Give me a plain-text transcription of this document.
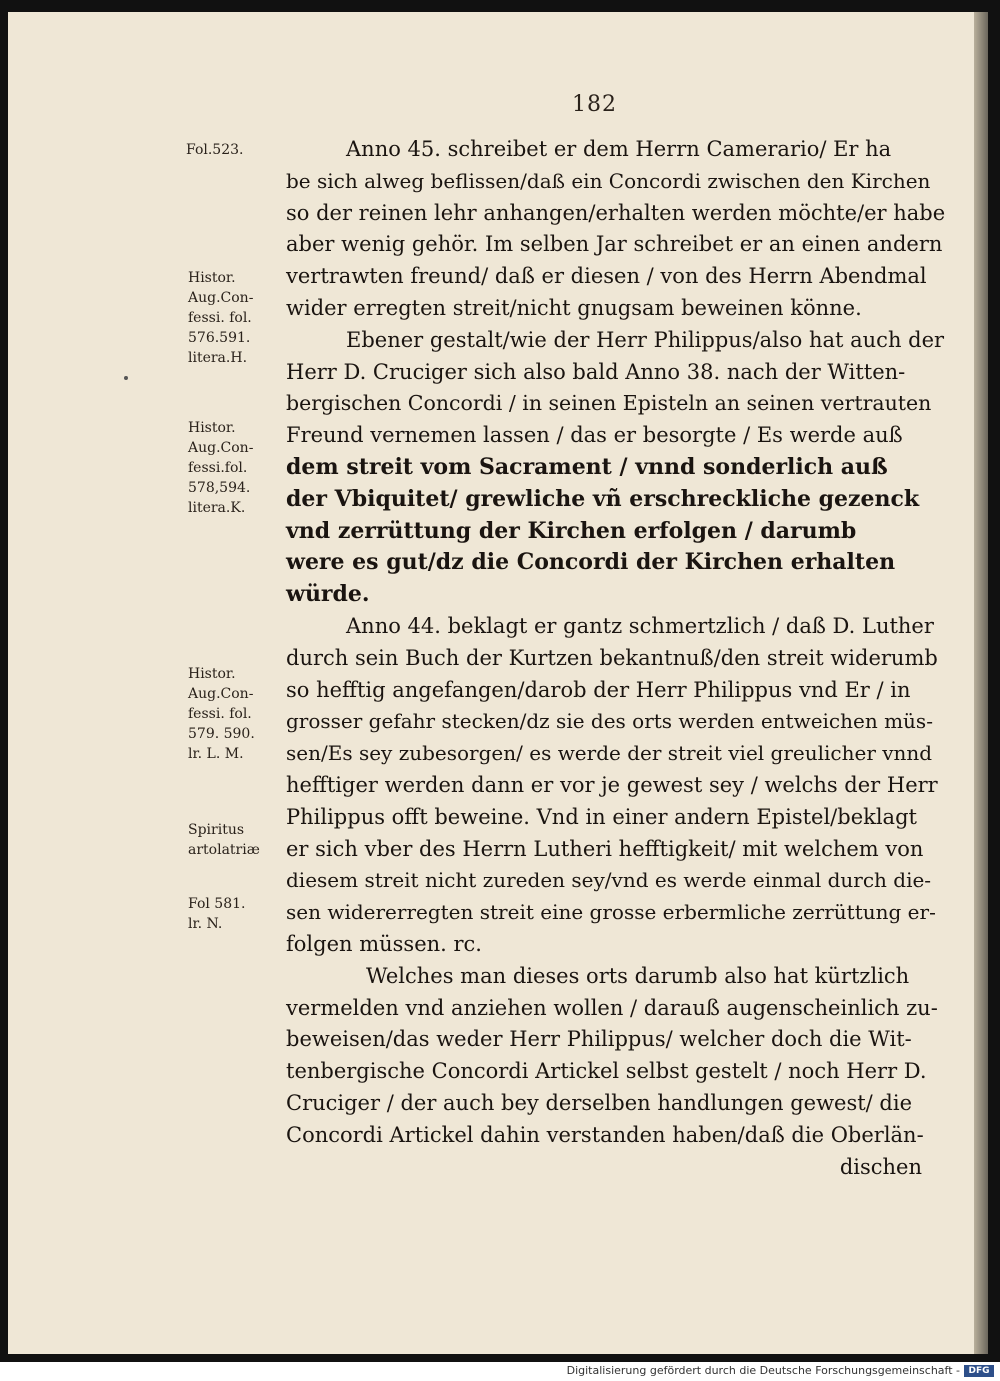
182
Fol.523.
Histor.
Aug.Con-
fessi. fol.
576.591.
litera.H.
Histor.
Aug.Con-
fessi.fol.
578,594.
litera.K.
Histor.
Aug.Con-
fessi. fol.
579. 590.
lr. L. M.
Spiritus
artolatriæ
Fol 581.
lr. N.
Anno 45. schreibet er dem Herrn Camerario/ Er ha
be sich alweg beflissen/daß ein Concordi zwischen den Kirchen
so der reinen lehr anhangen/erhalten werden möchte/er habe
aber wenig gehör. Im selben Jar schreibet er an einen andern
vertrawten freund/ daß er diesen / von des Herrn Abendmal
wider erregten streit/nicht gnugsam beweinen könne.
Ebener gestalt/wie der Herr Philippus/also hat auch der
Herr D. Cruciger sich also bald Anno 38. nach der Witten-
bergischen Concordi / in seinen Episteln an seinen vertrauten
Freund vernemen lassen / das er besorgte / Es werde auß
dem streit vom Sacrament / vnnd sonderlich auß
der Vbiquitet/ grewliche vñ erschreckliche gezenck
vnd zerrüttung der Kirchen erfolgen / darumb
were es gut/dz die Concordi der Kirchen erhalten
würde.
Anno 44. beklagt er gantz schmertzlich / daß D. Luther
durch sein Buch der Kurtzen bekantnuß/den streit widerumb
so hefftig angefangen/darob der Herr Philippus vnd Er / in
grosser gefahr stecken/dz sie des orts werden entweichen müs-
sen/Es sey zubesorgen/ es werde der streit viel greulicher vnnd
hefftiger werden dann er vor je gewest sey / welchs der Herr
Philippus offt beweine. Vnd in einer andern Epistel/beklagt
er sich vber des Herrn Lutheri hefftigkeit/ mit welchem von
diesem streit nicht zureden sey/vnd es werde einmal durch die-
sen widererregten streit eine grosse erbermliche zerrüttung er-
folgen müssen. rc.
Welches man dieses orts darumb also hat kürtzlich
vermelden vnd anziehen wollen / darauß augenscheinlich zu-
beweisen/das weder Herr Philippus/ welcher doch die Wit-
tenbergische Concordi Artickel selbst gestelt / noch Herr D.
Cruciger / der auch bey derselben handlungen gewest/ die
Concordi Artickel dahin verstanden haben/daß die Oberlän-
dischen
Digitalisierung gefördert durch die Deutsche Forschungsgemeinschaft - DFG
